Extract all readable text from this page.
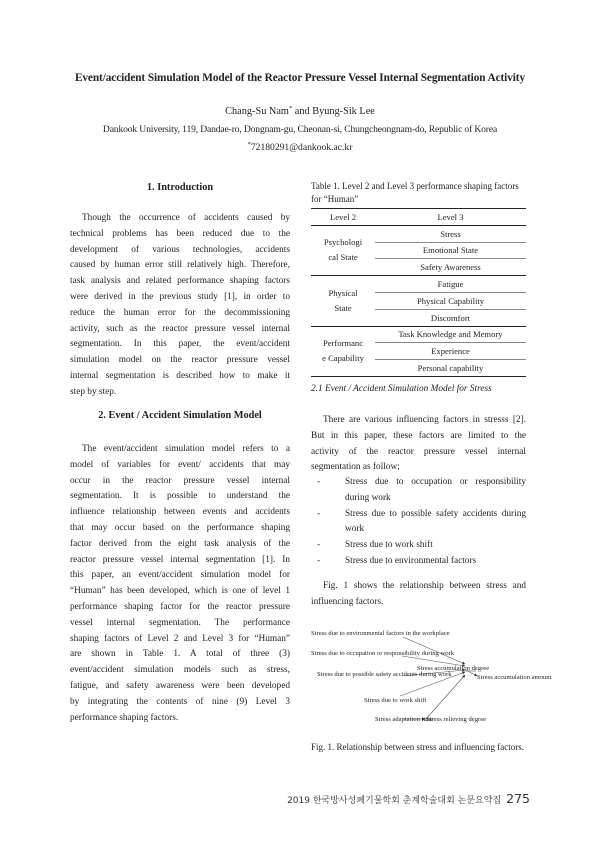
Event/accident Simulation Model of the Reactor Pressure Vessel Internal Segmentation Activity
Chang-Su Nam* and Byung-Sik Lee
Dankook University, 119, Dandae-ro, Dongnam-gu, Cheonan-si, Chungcheongnam-do, Republic of Korea
*72180291@dankook.ac.kr
1. Introduction
Though the occurrence of accidents caused by
technical problems has been reduced due to the
development of various technologies, accidents
caused by human error still relatively high. Therefore,
task analysis and related performance shaping factors
were derived in the previous study [1], in order to
reduce the human error for the decommissioning
activity, such as the reactor pressure vessel internal
segmentation. In this paper, the event/accident
simulation model on the reactor pressure vessel
internal segmentation is described how to make it
step by step.
2. Event / Accident Simulation Model
The event/accident simulation model refers to a
model of variables for event/ accidents that may
occur in the reactor pressure vessel internal
segmentation. It is possible to understand the
influence relationship between events and accidents
that may occur based on the performance shaping
factor derived from the eight task analysis of the
reactor pressure vessel internal segmentation [1]. In
this paper, an event/accident simulation model for
“Human” has been developed, which is one of level 1
performance shaping factor for the reactor pressure
vessel internal segmentation. The performance
shaping factors of Level 2 and Level 3 for “Human”
are shown in Table 1. A total of three (3)
event/accident simulation models such as stress,
fatigue, and safety awareness were been developed
by integrating the contents of nine (9) Level 3
performance shaping factors.
Table 1. Level 2 and Level 3 performance shaping factors
for “Human”
Level 2	Level 3

Psychologi
cal State	Stress
	Emotional State
	Safety Awareness

Physical
State	Fatigue
	Physical Capability
	Discomfort

Performanc
e Capability	Task Knowledge and Memory
	Experience
	Personal capability
2.1 Event / Accident Simulation Model for Stress
There are various influencing factors in stresss [2].
But in this paper, these factors are limited to the
activity of the reactor pressure vessel internal
segmentation as follow;
-	Stress due to occupation or responsibility
during work
-	Stress due to possible safety accidents during
work
-	Stress due to work shift
-	Stress due to environmental factors
Fig. 1 shows the relationship between stress and
influencing factors.
Stress due to environmental factors in the workplace
Stress due to occupation or responsibility during work
Stress due to possible safety accidents during work
Stress due to work shift
Stress accumulation degree
Stress accumulation amount
Stress relieving degree
Stress adaptation time
Fig. 1. Relationship between stress and influencing factors.
2019 한국방사성폐기물학회 춘계학술대회 논문요약집 275
